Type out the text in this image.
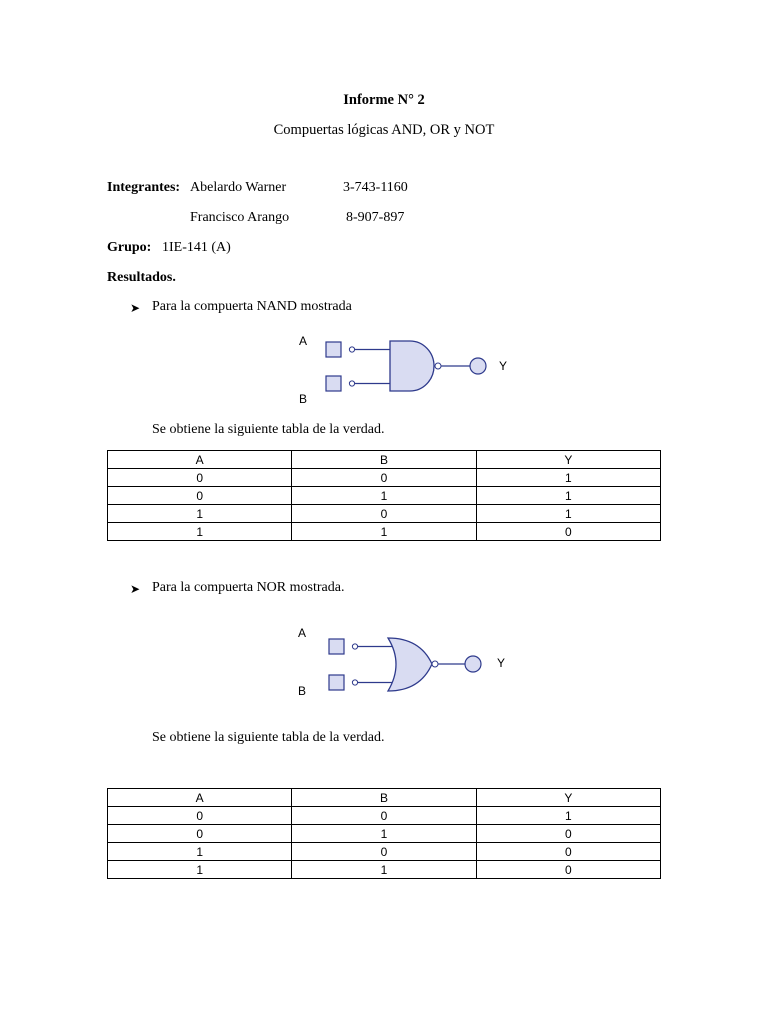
Informe N° 2
Compuertas lógicas AND, OR y NOT
Integrantes: Abelardo Warner	3-743-1160
Francisco Arango	8-907-897
Grupo: 1IE-141 (A)
Resultados.
➤ Para la compuerta NAND mostrada
A
B
Y
Se obtiene la siguiente tabla de la verdad.
A	B	Y
0	0	1
0	1	1
1	0	1
1	1	0
➤ Para la compuerta NOR mostrada.
A
B
Y
Se obtiene la siguiente tabla de la verdad.
A	B	Y
0	0	1
0	1	0
1	0	0
1	1	0
